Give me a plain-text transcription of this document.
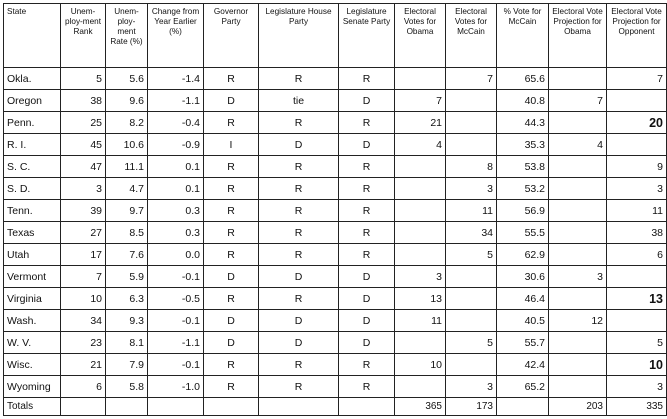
State	Unem-ploy-ment Rank	Unem-ploy-ment Rate (%)	Change from Year Earlier (%)	Governor Party	Legislature House Party	Legislature Senate Party	Electoral Votes for Obama	Electoral Votes for McCain	% Vote for McCain	Electoral Vote Projection for Obama	Electoral Vote Projection for Opponent
Okla.	5	5.6	-1.4	R	R	R		7	65.6		7
Oregon	38	9.6	-1.1	D	tie	D	7		40.8	7	
Penn.	25	8.2	-0.4	R	R	R	21		44.3		20
R. I.	45	10.6	-0.9	I	D	D	4		35.3	4	
S. C.	47	11.1	0.1	R	R	R		8	53.8		9
S. D.	3	4.7	0.1	R	R	R		3	53.2		3
Tenn.	39	9.7	0.3	R	R	R		11	56.9		11
Texas	27	8.5	0.3	R	R	R		34	55.5		38
Utah	17	7.6	0.0	R	R	R		5	62.9		6
Vermont	7	5.9	-0.1	D	D	D	3		30.6	3	
Virginia	10	6.3	-0.5	R	R	D	13		46.4		13
Wash.	34	9.3	-0.1	D	D	D	11		40.5	12	
W. V.	23	8.1	-1.1	D	D	D		5	55.7		5
Wisc.	21	7.9	-0.1	R	R	R	10		42.4		10
Wyoming	6	5.8	-1.0	R	R	R		3	65.2		3
Totals							365	173		203	335
